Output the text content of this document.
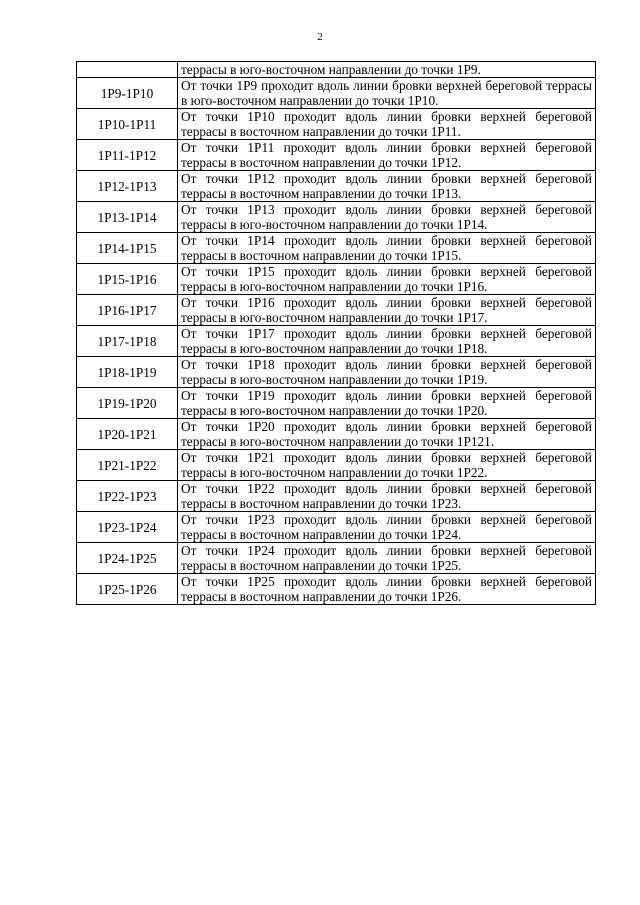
2
	террасы в юго-восточном направлении до точки 1Р9.
1Р9-1Р10	От точки 1Р9 проходит вдоль линии бровки верхней береговой террасы в юго-восточном направлении до точки 1Р10.
1Р10-1Р11	От точки 1Р10 проходит вдоль линии бровки верхней береговой террасы в восточном направлении до точки 1Р11.
1Р11-1Р12	От точки 1Р11 проходит вдоль линии бровки верхней береговой террасы в восточном направлении до точки 1Р12.
1Р12-1Р13	От точки 1Р12 проходит вдоль линии бровки верхней береговой террасы в восточном направлении до точки 1Р13.
1Р13-1Р14	От точки 1Р13 проходит вдоль линии бровки верхней береговой террасы в юго-восточном направлении до точки 1Р14.
1Р14-1Р15	От точки 1Р14 проходит вдоль линии бровки верхней береговой террасы в восточном направлении до точки 1Р15.
1Р15-1Р16	От точки 1Р15 проходит вдоль линии бровки верхней береговой террасы в юго-восточном направлении до точки 1Р16.
1Р16-1Р17	От точки 1Р16 проходит вдоль линии бровки верхней береговой террасы в юго-восточном направлении до точки 1Р17.
1Р17-1Р18	От точки 1Р17 проходит вдоль линии бровки верхней береговой террасы в юго-восточном направлении до точки 1Р18.
1Р18-1Р19	От точки 1Р18 проходит вдоль линии бровки верхней береговой террасы в юго-восточном направлении до точки 1Р19.
1Р19-1Р20	От точки 1Р19 проходит вдоль линии бровки верхней береговой террасы в юго-восточном направлении до точки 1Р20.
1Р20-1Р21	От точки 1Р20 проходит вдоль линии бровки верхней береговой террасы в юго-восточном направлении до точки 1Р121.
1Р21-1Р22	От точки 1Р21 проходит вдоль линии бровки верхней береговой террасы в юго-восточном направлении до точки 1Р22.
1Р22-1Р23	От точки 1Р22 проходит вдоль линии бровки верхней береговой террасы в восточном направлении до точки 1Р23.
1Р23-1Р24	От точки 1Р23 проходит вдоль линии бровки верхней береговой террасы в восточном направлении до точки 1Р24.
1Р24-1Р25	От точки 1Р24 проходит вдоль линии бровки верхней береговой террасы в восточном направлении до точки 1Р25.
1Р25-1Р26	От точки 1Р25 проходит вдоль линии бровки верхней береговой террасы в восточном направлении до точки 1Р26.
